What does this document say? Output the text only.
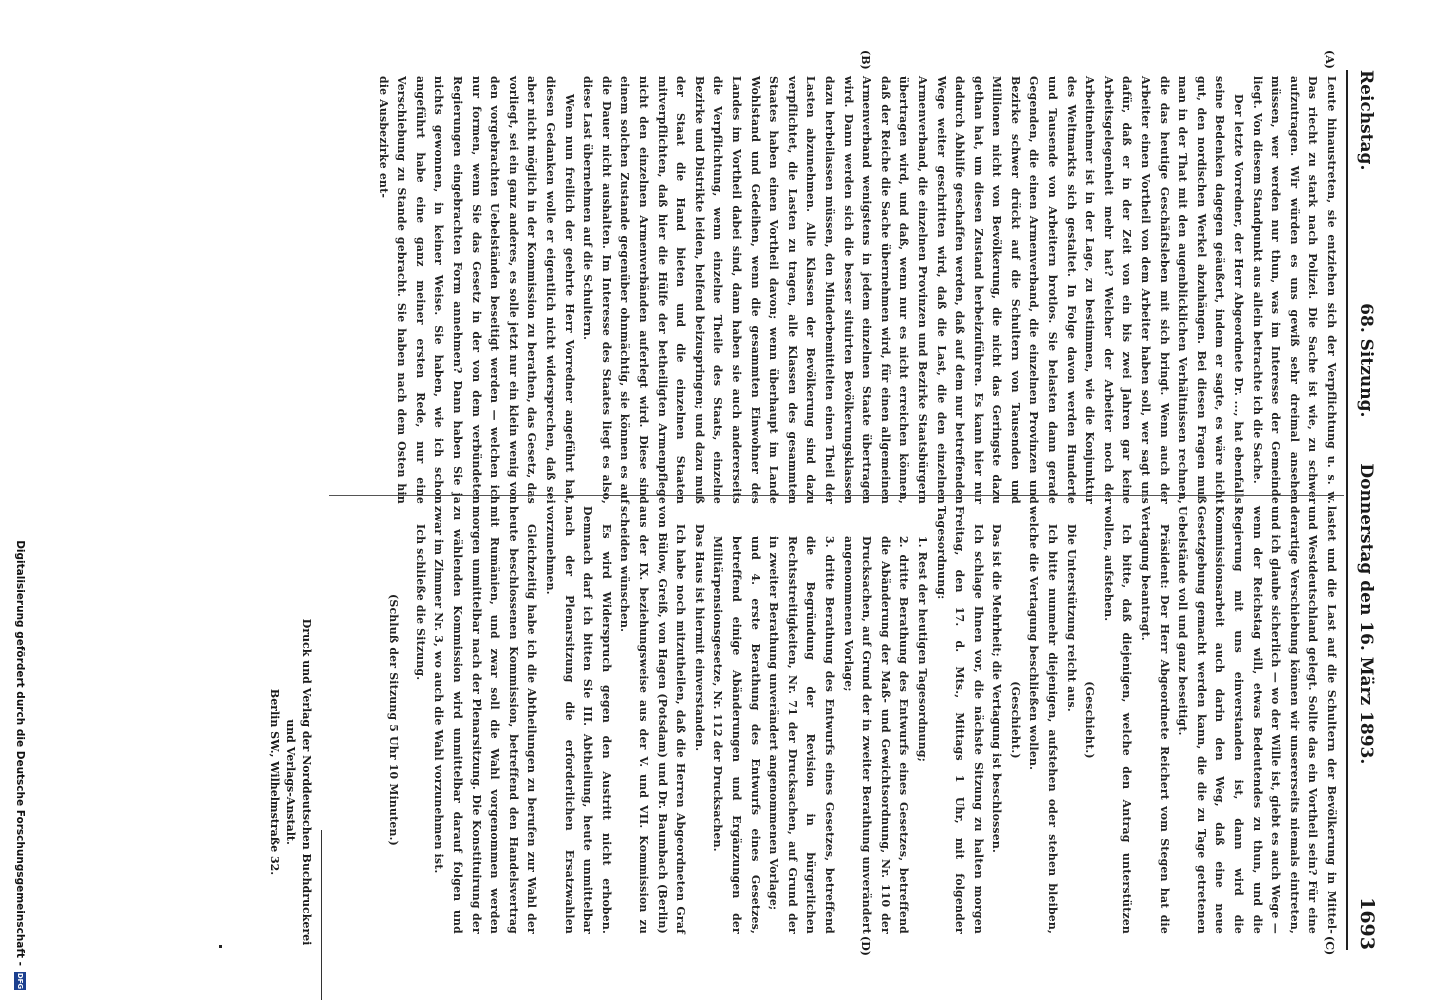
Reichstag.
68. Sitzung.
Donnerstag den 16. März 1893.
1693

Leute hinaustreten, sie entziehen sich der Verpflichtung u. s. w. Das riecht zu stark nach Polizei. Die Sache ist wie, zu schwer aufzutragen. Wir würden es uns gewiß sehr dreimal ansehen müssen, wer werden nur thun, was im Interesse der Gemeinde liegt. Von diesem Standpunkt aus allein betrachte ich die Sache.

Der letzte Vorredner, der Herr Abgeordnete Dr. ..., hat ebenfalls seine Bedenken dagegen geäußert, indem er sagte, es wäre nicht gut, den nordischen Werkel abzuhängen. Bei diesen Fragen muß man in der That mit den augenblicklichen Verhältnissen rechnen, die das heutige Geschäftsleben mit sich bringt. Wenn auch der Arbeiter einen Vortheil von dem Arbeiter haben soll, wer sagt uns dafür, daß er in der Zeit von ein bis zwei Jahren gar keine Arbeitsgelegenheit mehr hat? Welcher der Arbeiter noch der Arbeitnehmer ist in der Lage, zu bestimmen, wie die Konjunktur des Weltmarkts sich gestaltet. In Folge davon werden Hunderte und Tausende von Arbeitern brotlos. Sie belasten dann gerade Gegenden, die einen Armenverband, die einzelnen Provinzen und Bezirke schwer drückt auf die Schultern von Tausenden und Millionen nicht von Bevölkerung, die nicht das Geringste dazu gethan hat, um diesen Zustand herbeizuführen. Es kann hier nur dadurch Abhilfe geschaffen werden, daß auf dem nur betreffenden Wege weiter geschritten wird, daß die Last, die den einzelnen Armenverband, die einzelnen Provinzen und Bezirke Staatsbürgern übertragen wird, und daß, wenn nur es nicht erreichen können, daß der Reiche die Sache übernehmen wird, für einen allgemeinen Armenverband wenigstens in jedem einzelnen Staate übertragen wird. Dann werden sich die besser situirten Bevölkerungsklassen dazu herbeilassen müssen, den Minderbemittelten einen Theil der Lasten abzunehmen. Alle Klassen der Bevölkerung sind dazu verpflichtet, die Lasten zu tragen, alle Klassen des gesammten Staates haben einen Vortheil davon; wenn überhaupt im Lande Wohlstand und Gedeihen, wenn die gesammten Einwohner des Landes im Vortheil dabei sind, dann haben sie auch andererseits die Verpflichtung, wenn einzelne Theile des Staats, einzelne Bezirke und Distrikte leiden, helfend beizuspringen; und dazu muß der Staat die Hand bieten und die einzelnen Staaten mitverpflichten, daß hier die Hülfe der betheiligten Armenpflege nicht den einzelnen Armenverbänden auferlegt wird. Diese sind einem solchen Zustande gegenüber ohnmächtig, sie können es auf die Dauer nicht aushalten. Im Interesse des Staates liegt es also, diese Last übernehmen auf die Schultern.

Wenn nun freilich der geehrte Herr Vorredner angeführt hat, diesen Gedanken wolle er eigentlich nicht widersprechen, daß sei aber nicht möglich in der Kommission zu berathen, das Gesetz, das vorliegt, sei ein ganz anderes, es solle jetzt nur ein klein wenig von den vorgebrachten Uebelständen beseitigt werden — welchen ich nur formen, wenn Sie das Gesetz in der von dem verbündeten Regierungen eingebrachten Form annehmen? Dann haben Sie ja nichts gewonnen, in keiner Weise. Sie haben, wie ich schon angeführt habe eine ganz meiner ersten Rede, nur eine Verschiebung zu Stande gebracht. Sie haben nach dem Osten hin die Ausbezirke ent-

lastet und die Last auf die Schultern der Bevölkerung in Mittel- und Westdeutschland gelegt. Sollte das ein Vortheil sein? Für eine derartige Verschiebung können wir unsererseits niemals eintreten, und ich glaube sicherlich — wo der Wille ist, giebt es auch Wege — wenn der Reichstag will, etwas Bedeutendes zu thun, und die Regierung mit uns einverstanden ist, dann wird die Kommissionsarbeit auch darin den Weg, daß eine neue Gesetzgebung gemacht werden kann, die die zu Tage getretenen Uebelstände voll und ganz beseitigt.

Präsident: Der Herr Abgeordnete Reichert vom Stegen hat die Vertagung beantragt.

Ich bitte, daß diejenigen, welche den Antrag unterstützen wollen, aufstehen.

(Geschieht.)

Die Unterstützung reicht aus.

Ich bitte nunmehr diejenigen, aufstehen oder stehen bleiben, welche die Vertagung beschließen wollen.

(Geschieht.)

Das ist die Mehrheit; die Vertagung ist beschlossen.

Ich schlage Ihnen vor, die nächste Sitzung zu halten morgen Freitag, den 17. d. Mts., Mittags 1 Uhr, mit folgender Tagesordnung:

1. Rest der heutigen Tagesordnung;

2. dritte Berathung des Entwurfs eines Gesetzes, betreffend die Abänderung der Maß- und Gewichtsordnung, Nr. 110 der Drucksachen, auf Grund der in zweiter Berathung unverändert angenommenen Vorlage;

3. dritte Berathung des Entwurfs eines Gesetzes, betreffend die Begründung der Revision in bürgerlichen Rechtsstreitigkeiten, Nr. 71 der Drucksachen, auf Grund der in zweiter Berathung unverändert angenommenen Vorlage;

und 4. erste Berathung des Entwurfs eines Gesetzes, betreffend einige Abänderungen und Ergänzungen der Militärpensionsgesetze, Nr. 112 der Drucksachen.

Das Haus ist hiermit einverstanden.

Ich habe noch mitzutheilen, daß die Herren Abgeordneten Graf von Bülow, Greiß, von Hagen (Potsdam) und Dr. Baumbach (Berlin) aus der IX. beziehungsweise aus der V. und VII. Kommission zu scheiden wünschen.

Es wird Widerspruch gegen den Austritt nicht erhoben. Demnach darf ich bitten Sie III. Abtheilung, heute unmittelbar nach der Plenarsitzung die erforderlichen Ersatzwahlen vorzunehmen.

Gleichzeitig habe ich die Abtheilungen zu berufen zur Wahl der heute beschlossenen Kommission, betreffend den Handelsvertrag mit Rumänien, und zwar soll die Wahl vorgenommen werden morgen unmittelbar nach der Plenarsitzung. Die Konstituirung der zu wählenden Kommission wird unmittelbar darauf folgen und zwar im Zimmer Nr. 3, wo auch die Wahl vorzunehmen ist.

Ich schließe die Sitzung.

(Schluß der Sitzung 5 Uhr 10 Minuten.)

(A)
(B)
(C)
(D)
Druck und Verlag der Norddeutschen Buchdruckerei und Verlags-Anstalt.
Berlin SW., Wilhelmstraße 32.
Digitalisierung gefördert durch die Deutsche Forschungsgemeinschaft -
DFG
